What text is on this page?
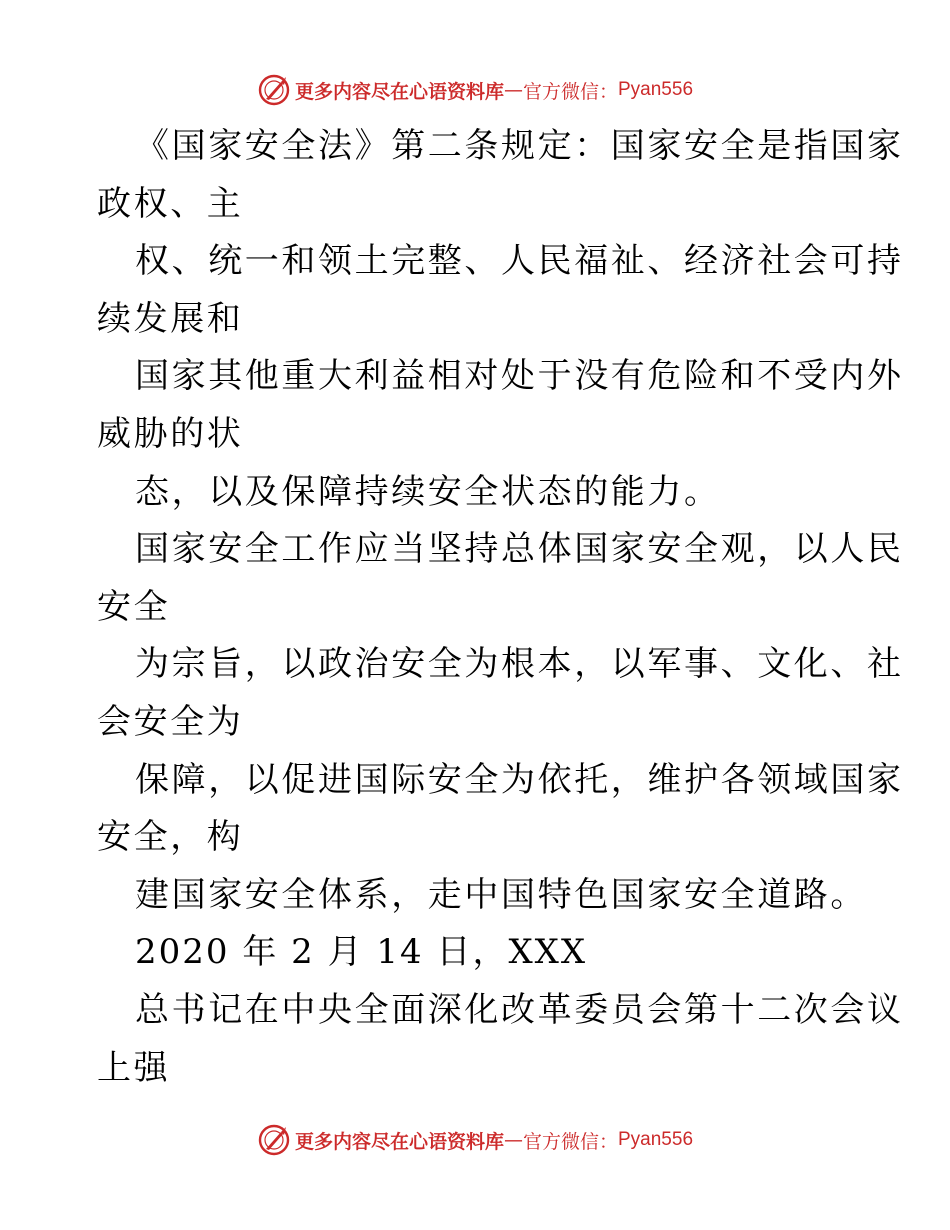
更多内容尽在心语资料库 — 官方微信： Pyan556
《国家安全法》第二条规定：国家安全是指国家
政权、主
权、统一和领土完整、人民福祉、经济社会可持
续发展和
国家其他重大利益相对处于没有危险和不受内外
威胁的状
态，以及保障持续安全状态的能力。
国家安全工作应当坚持总体国家安全观，以人民
安全
为宗旨，以政治安全为根本，以军事、文化、社
会安全为
保障，以促进国际安全为依托，维护各领域国家
安全，构
建国家安全体系，走中国特色国家安全道路。
2020 年 2 月 14 日，XXX
总书记在中央全面深化改革委员会第十二次会议
上强
更多内容尽在心语资料库 — 官方微信： Pyan556
